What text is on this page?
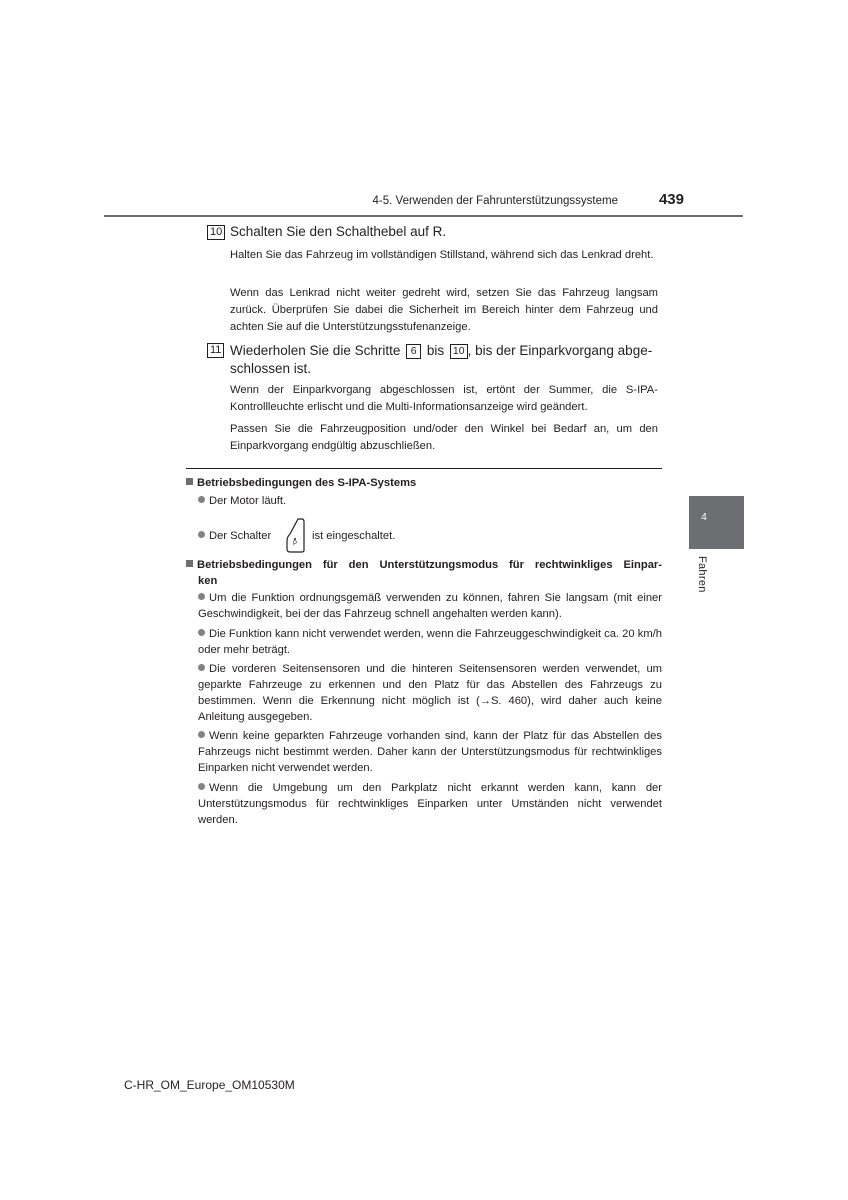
4-5. Verwenden der Fahrunterstützungssysteme	439
4
Fahren
10 Schalten Sie den Schalthebel auf R.
Halten Sie das Fahrzeug im vollständigen Stillstand, während sich das Lenkrad dreht.
Wenn das Lenkrad nicht weiter gedreht wird, setzen Sie das Fahrzeug langsam zurück. Überprüfen Sie dabei die Sicherheit im Bereich hinter dem Fahrzeug und achten Sie auf die Unterstützungsstufenanzeige.
11 Wiederholen Sie die Schritte 6 bis 10 , bis der Einparkvorgang abge-
schlossen ist.
Wenn der Einparkvorgang abgeschlossen ist, ertönt der Summer, die S-IPA-Kontrollleuchte erlischt und die Multi-Informationsanzeige wird geändert.
Passen Sie die Fahrzeugposition und/oder den Winkel bei Bedarf an, um den Einparkvorgang endgültig abzuschließen.
Betriebsbedingungen des S-IPA-Systems
Der Motor läuft.
Der Schalter
P
ist eingeschaltet.
Betriebsbedingungen für den Unterstützungsmodus für rechtwinkliges Einpar-
ken
Um die Funktion ordnungsgemäß verwenden zu können, fahren Sie langsam (mit einer Geschwindigkeit, bei der das Fahrzeug schnell angehalten werden kann).
Die Funktion kann nicht verwendet werden, wenn die Fahrzeuggeschwindigkeit ca. 20 km/h oder mehr beträgt.
Die vorderen Seitensensoren und die hinteren Seitensensoren werden verwendet, um geparkte Fahrzeuge zu erkennen und den Platz für das Abstellen des Fahrzeugs zu bestimmen. Wenn die Erkennung nicht möglich ist (→S. 460), wird daher auch keine Anleitung ausgegeben.
Wenn keine geparkten Fahrzeuge vorhanden sind, kann der Platz für das Abstellen des Fahrzeugs nicht bestimmt werden. Daher kann der Unterstützungsmodus für rechtwinkliges Einparken nicht verwendet werden.
Wenn die Umgebung um den Parkplatz nicht erkannt werden kann, kann der Unterstützungsmodus für rechtwinkliges Einparken unter Umständen nicht verwendet werden.
C-HR_OM_Europe_OM10530M
